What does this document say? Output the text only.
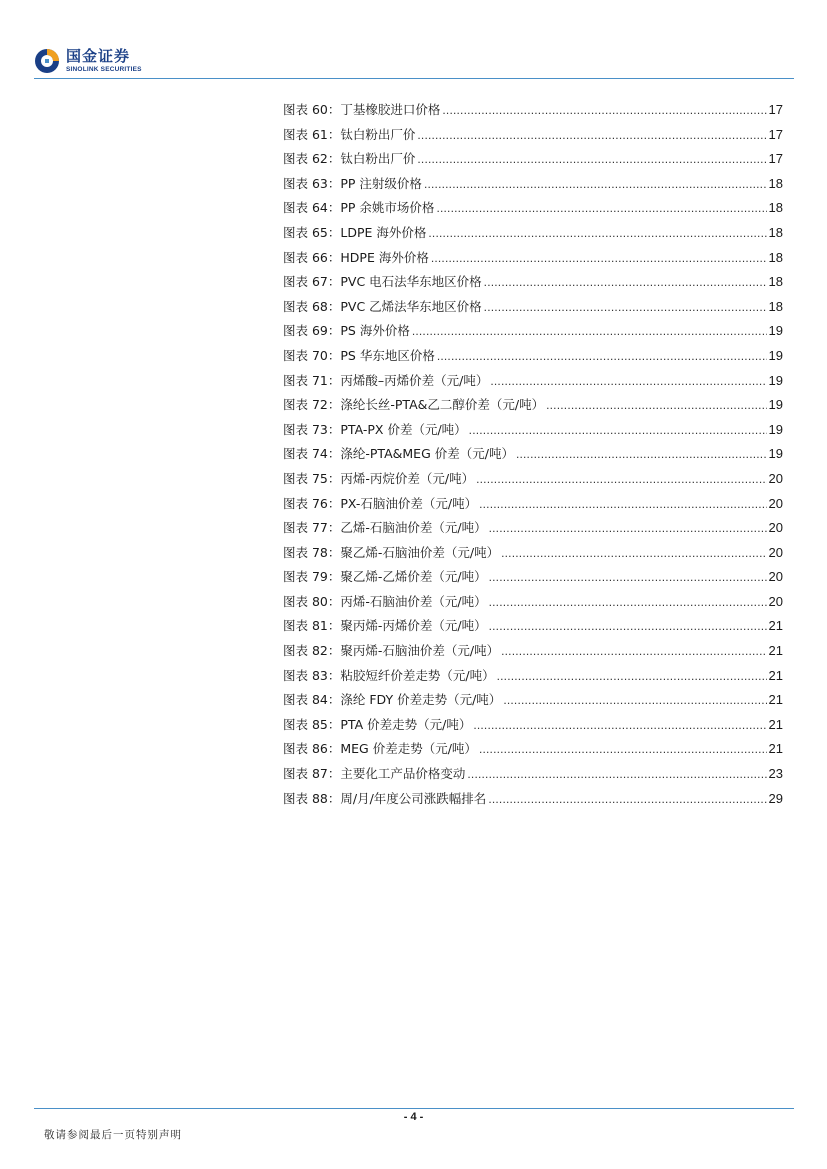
国金证券
SINOLINK SECURITIES
图表 60：丁基橡胶进口价格 .....	17
图表 61：钛白粉出厂价 .....	17
图表 62：钛白粉出厂价 .....	17
图表 63：PP 注射级价格 .....	18
图表 64：PP 余姚市场价格 .....	18
图表 65：LDPE 海外价格 .....	18
图表 66：HDPE 海外价格 .....	18
图表 67：PVC 电石法华东地区价格 .....	18
图表 68：PVC 乙烯法华东地区价格 .....	18
图表 69：PS 海外价格 .....	19
图表 70：PS 华东地区价格 .....	19
图表 71：丙烯酸–丙烯价差（元/吨） .....	19
图表 72：涤纶长丝-PTA&乙二醇价差（元/吨） .....	19
图表 73：PTA-PX 价差（元/吨） .....	19
图表 74：涤纶-PTA&MEG 价差（元/吨） .....	19
图表 75：丙烯-丙烷价差（元/吨） .....	20
图表 76：PX-石脑油价差（元/吨） .....	20
图表 77：乙烯-石脑油价差（元/吨） .....	20
图表 78：聚乙烯-石脑油价差（元/吨） .....	20
图表 79：聚乙烯-乙烯价差（元/吨） .....	20
图表 80：丙烯-石脑油价差（元/吨） .....	20
图表 81：聚丙烯-丙烯价差（元/吨） .....	21
图表 82：聚丙烯-石脑油价差（元/吨） .....	21
图表 83：粘胶短纤价差走势（元/吨） .....	21
图表 84：涤纶 FDY 价差走势（元/吨） .....	21
图表 85：PTA 价差走势（元/吨） .....	21
图表 86：MEG 价差走势（元/吨） .....	21
图表 87：主要化工产品价格变动 .....	23
图表 88：周/月/年度公司涨跌幅排名 .....	29
- 4 -
敬请参阅最后一页特别声明
